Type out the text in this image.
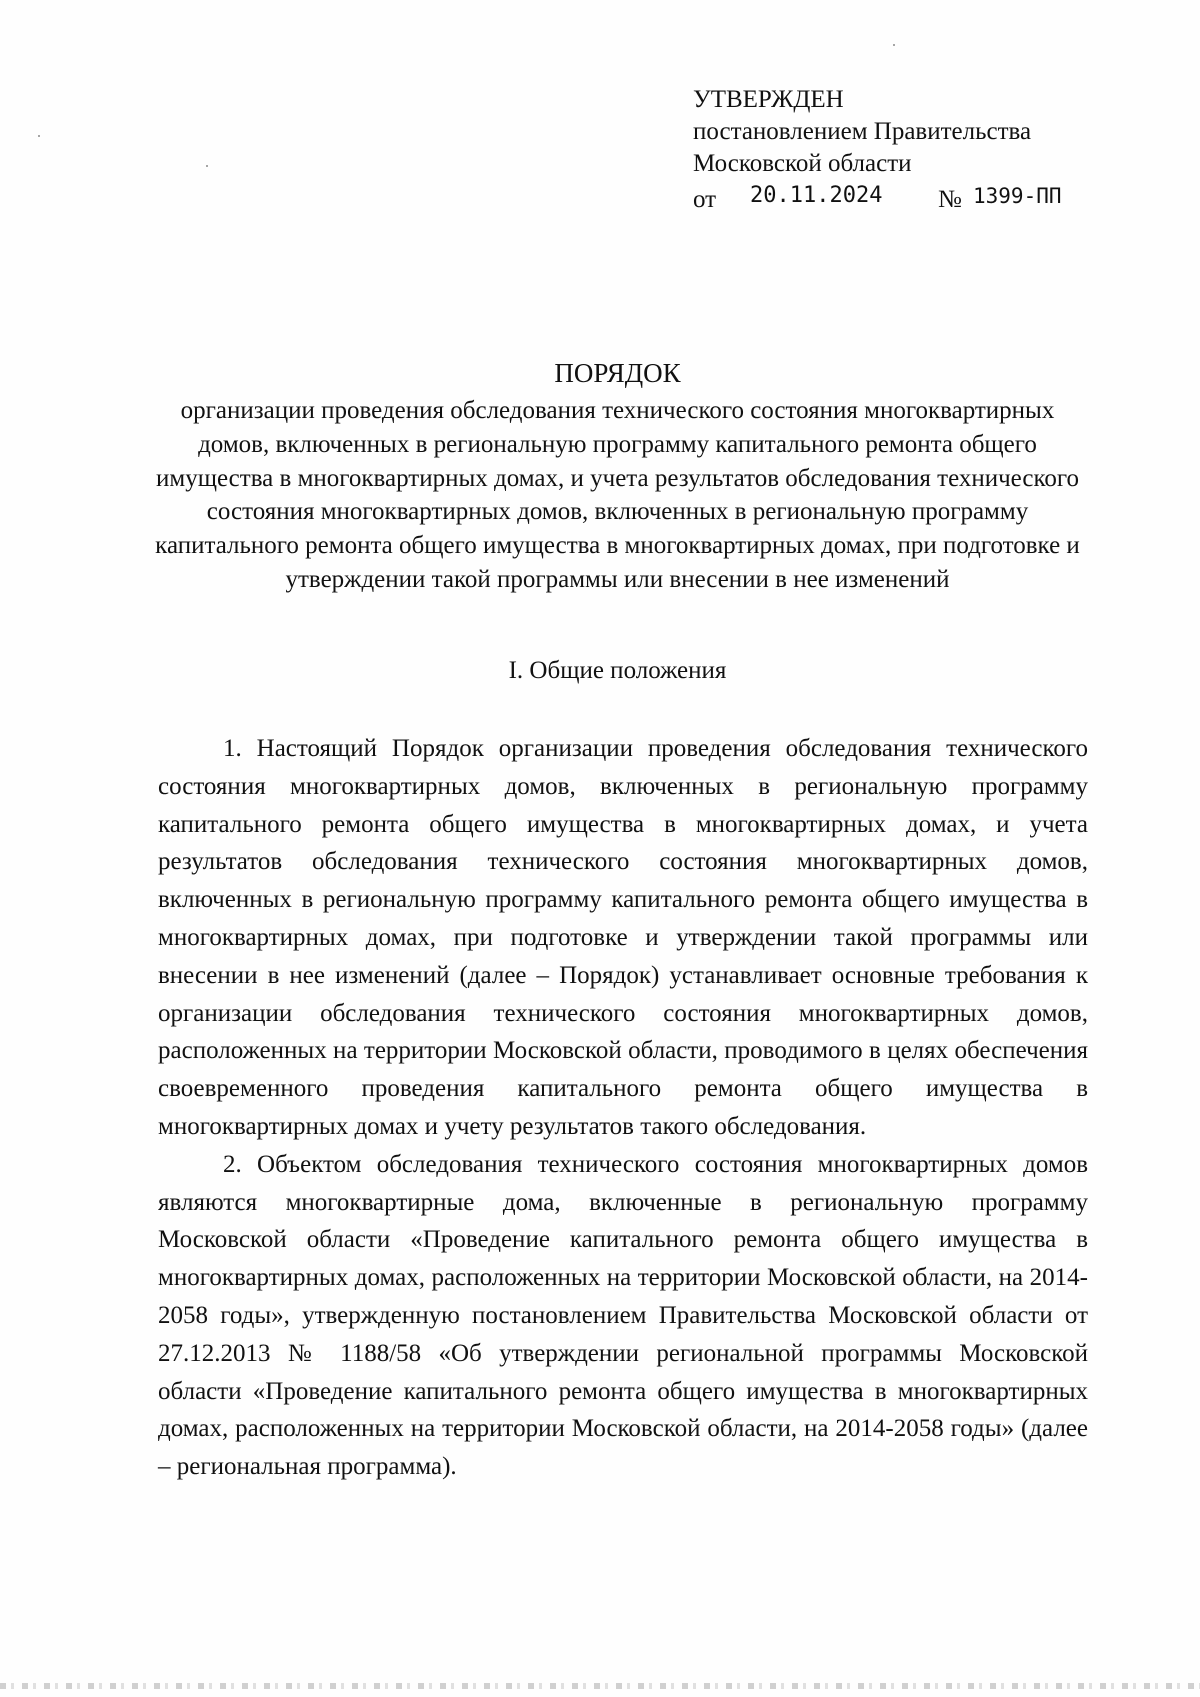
УТВЕРЖДЕН
постановлением Правительства
Московской области
от 20.11.2024 № 1399-ПП
ПОРЯДОК

организации проведения обследования технического состояния многоквартирных домов, включенных в региональную программу капитального ремонта общего имущества в многоквартирных домах, и учета результатов обследования технического состояния многоквартирных домов, включенных в региональную программу капитального ремонта общего имущества в многоквартирных домах, при подготовке и утверждении такой программы или внесении в нее изменений

I. Общие положения

1. Настоящий Порядок организации проведения обследования технического состояния многоквартирных домов, включенных в региональную программу капитального ремонта общего имущества в многоквартирных домах, и учета результатов обследования технического состояния многоквартирных домов, включенных в региональную программу капитального ремонта общего имущества в многоквартирных домах, при подготовке и утверждении такой программы или внесении в нее изменений (далее – Порядок) устанавливает основные требования к организации обследования технического состояния многоквартирных домов, расположенных на территории Московской области, проводимого в целях обеспечения своевременного проведения капитального ремонта общего имущества в многоквартирных домах и учету результатов такого обследования.

2. Объектом обследования технического состояния многоквартирных домов являются многоквартирные дома, включенные в региональную программу Московской области «Проведение капитального ремонта общего имущества в многоквартирных домах, расположенных на территории Московской области, на 2014-2058 годы», утвержденную постановлением Правительства Московской области от 27.12.2013 № 1188/58 «Об утверждении региональной программы Московской области «Проведение капитального ремонта общего имущества в многоквартирных домах, расположенных на территории Московской области, на 2014-2058 годы» (далее – региональная программа).
